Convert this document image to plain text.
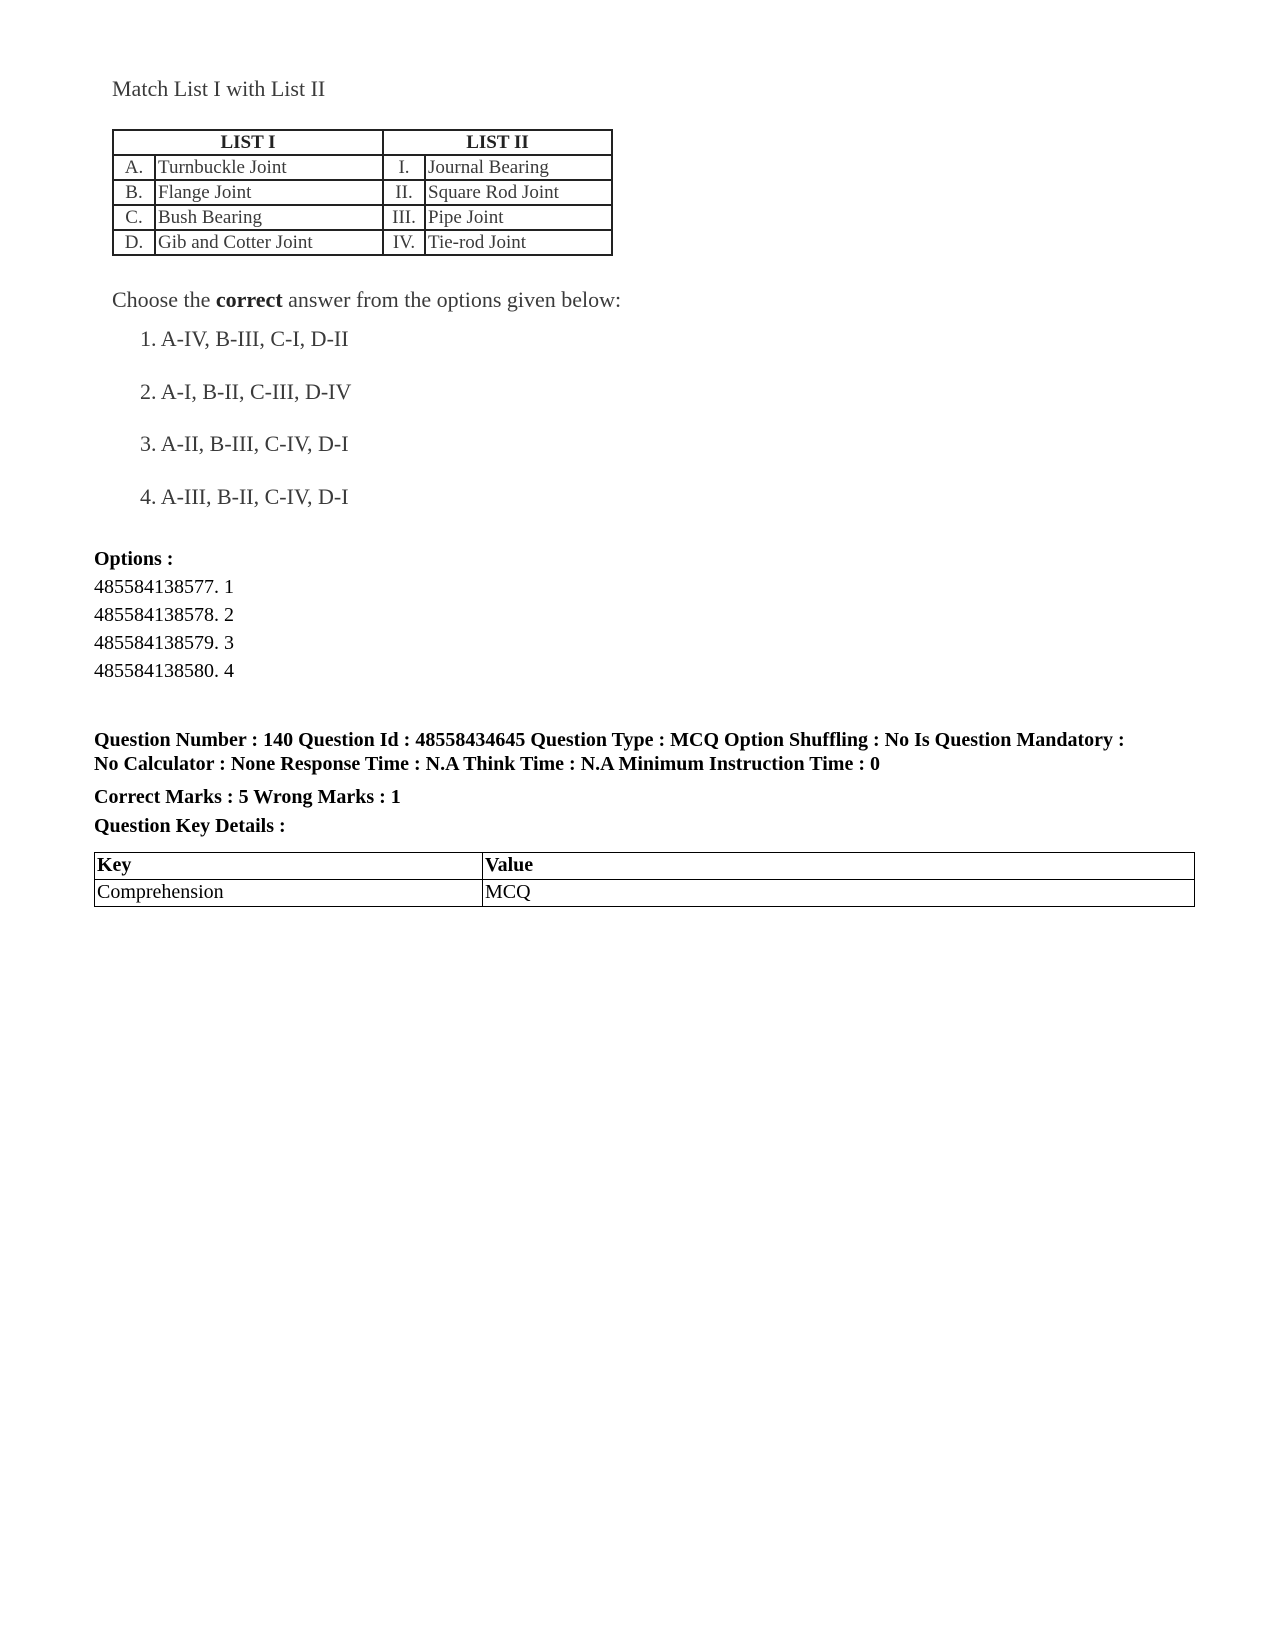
Match List I with List II
LIST I		LIST II	
A.	Turnbuckle Joint	I.	Journal Bearing
B.	Flange Joint	II.	Square Rod Joint
C.	Bush Bearing	III.	Pipe Joint
D.	Gib and Cotter Joint	IV.	Tie-rod Joint
Choose the correct answer from the options given below:
1. A-IV, B-III, C-I, D-II
2. A-I, B-II, C-III, D-IV
3. A-II, B-III, C-IV, D-I
4. A-III, B-II, C-IV, D-I
Options :
485584138577. 1
485584138578. 2
485584138579. 3
485584138580. 4
Question Number : 140 Question Id : 48558434645 Question Type : MCQ Option Shuffling : No Is Question Mandatory :
No Calculator : None Response Time : N.A Think Time : N.A Minimum Instruction Time : 0
Correct Marks : 5 Wrong Marks : 1
Question Key Details :
Key	Value
Comprehension	MCQ
